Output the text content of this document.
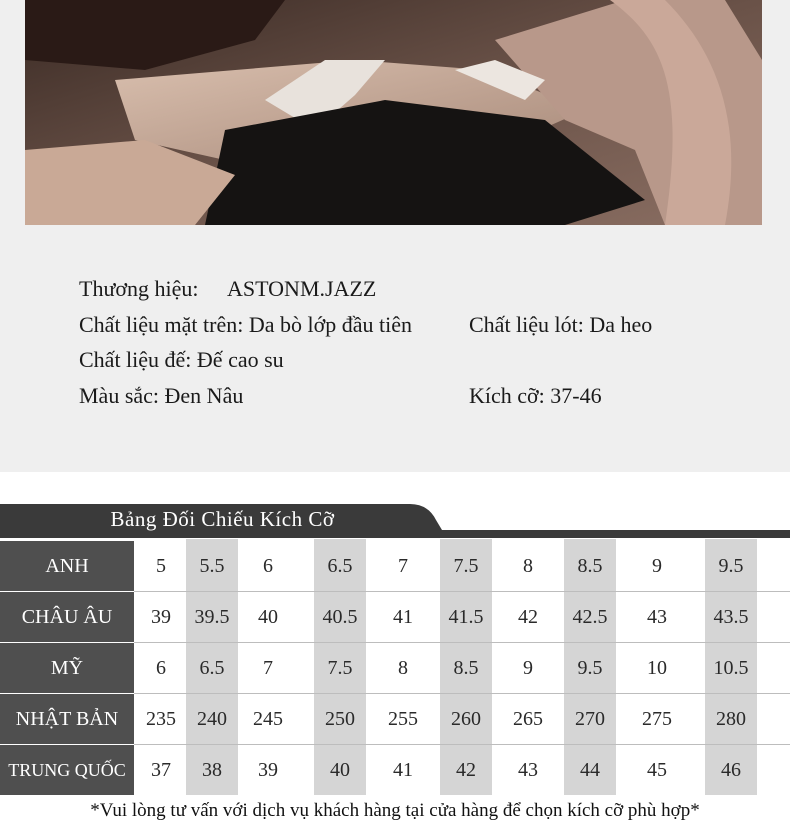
Thương hiệu: ASTONM.JAZZ
Chất liệu mặt trên: Da bò lớp đầu tiên	Chất liệu lót: Da heo
Chất liệu đế: Đế cao su
Màu sắc: Đen Nâu	Kích cỡ: 37-46
Bảng Đối Chiếu Kích Cỡ
ANH	5	5.5	6	6.5	7	7.5	8	8.5	9	9.5
CHÂU ÂU	39	39.5	40	40.5	41	41.5	42	42.5	43	43.5
MỸ	6	6.5	7	7.5	8	8.5	9	9.5	10	10.5
NHẬT BẢN	235	240	245	250	255	260	265	270	275	280
TRUNG QUỐC	37	38	39	40	41	42	43	44	45	46
*Vui lòng tư vấn với dịch vụ khách hàng tại cửa hàng để chọn kích cỡ phù hợp*
